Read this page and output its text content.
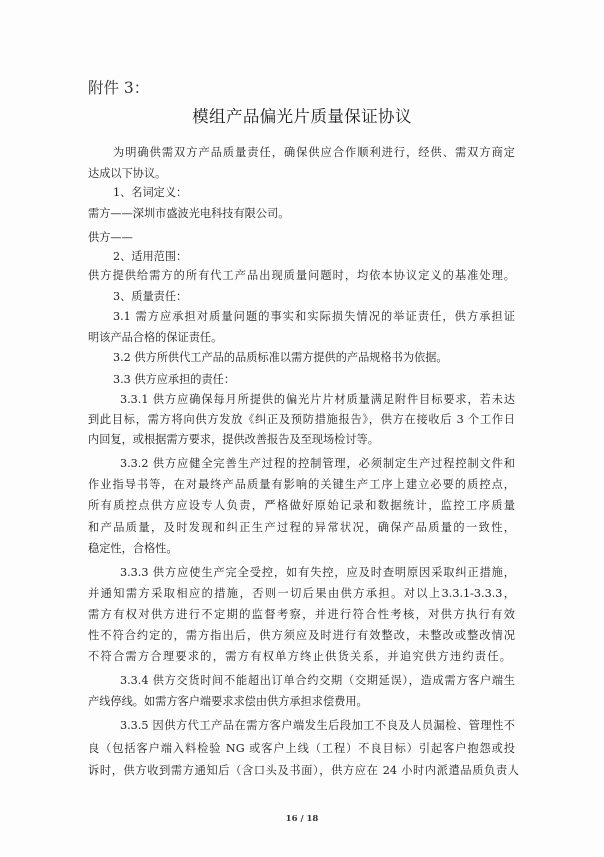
附件 3：
模组产品偏光片质量保证协议
为明确供需双方产品质量责任，确保供应合作顺利进行，经供、需双方商定
达成以下协议。
1、名词定义：
需方——深圳市盛波光电科技有限公司。
供方——
2、适用范围：
供方提供给需方的所有代工产品出现质量问题时，均依本协议定义的基准处理。
3、质量责任：
3.1 需方应承担对质量问题的事实和实际损失情况的举证责任，供方承担证
明该产品合格的保证责任。
3.2 供方所供代工产品的品质标准以需方提供的产品规格书为依据。
3.3 供方应承担的责任：
3.3.1 供方应确保每月所提供的偏光片片材质量满足附件目标要求，若未达
到此目标，需方将向供方发放《纠正及预防措施报告》，供方在接收后 3 个工作日
内回复，或根据需方要求，提供改善报告及至现场检讨等。
3.3.2 供方应健全完善生产过程的控制管理，必须制定生产过程控制文件和
作业指导书等，在对最终产品质量有影响的关键生产工序上建立必要的质控点，
所有质控点供方应设专人负责，严格做好原始记录和数据统计，监控工序质量
和产品质量，及时发现和纠正生产过程的异常状况，确保产品质量的一致性，
稳定性，合格性。
3.3.3 供方应使生产完全受控，如有失控，应及时查明原因采取纠正措施，
并通知需方采取相应的措施，否则一切后果由供方承担。对以上3.3.1-3.3.3，
需方有权对供方进行不定期的监督考察，并进行符合性考核，对供方执行有效
性不符合约定的，需方指出后，供方须应及时进行有效整改，未整改或整改情况
不符合需方合理要求的，需方有权单方终止供货关系，并追究供方违约责任。
3.3.4 供方交货时间不能超出订单合约交期（交期延误），造成需方客户端生
产线停线。如需方客户端要求求偿由供方承担求偿费用。
3.3.5 因供方代工产品在需方客户端发生后段加工不良及人员漏检、管理性不
良（包括客户端入料检验 NG 或客户上线（工程）不良目标）引起客户抱怨或投
诉时，供方收到需方通知后（含口头及书面），供方应在 24 小时内派遣品质负责人
16 / 18
